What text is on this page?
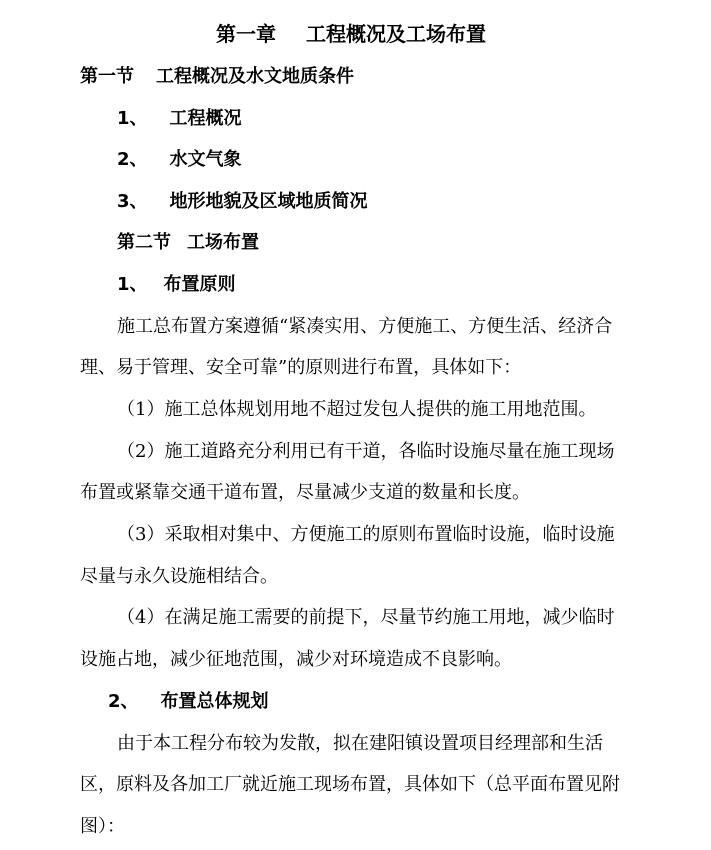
第一章 工程概况及工场布置
第一节 工程概况及水文地质条件
1、 工程概况
2、 水文气象
3、 地形地貌及区域地质简况
第二节 工场布置
1、 布置原则
施工总布置方案遵循“紧凑实用、方便施工、方便生活、经济合
理、易于管理、安全可靠”的原则进行布置，具体如下：
（1）施工总体规划用地不超过发包人提供的施工用地范围。
（2）施工道路充分利用已有干道，各临时设施尽量在施工现场
布置或紧靠交通干道布置，尽量减少支道的数量和长度。
（3）采取相对集中、方便施工的原则布置临时设施，临时设施
尽量与永久设施相结合。
（4）在满足施工需要的前提下，尽量节约施工用地，减少临时
设施占地，减少征地范围，减少对环境造成不良影响。
2、 布置总体规划
由于本工程分布较为发散，拟在建阳镇设置项目经理部和生活
区，原料及各加工厂就近施工现场布置，具体如下（总平面布置见附
图）：
